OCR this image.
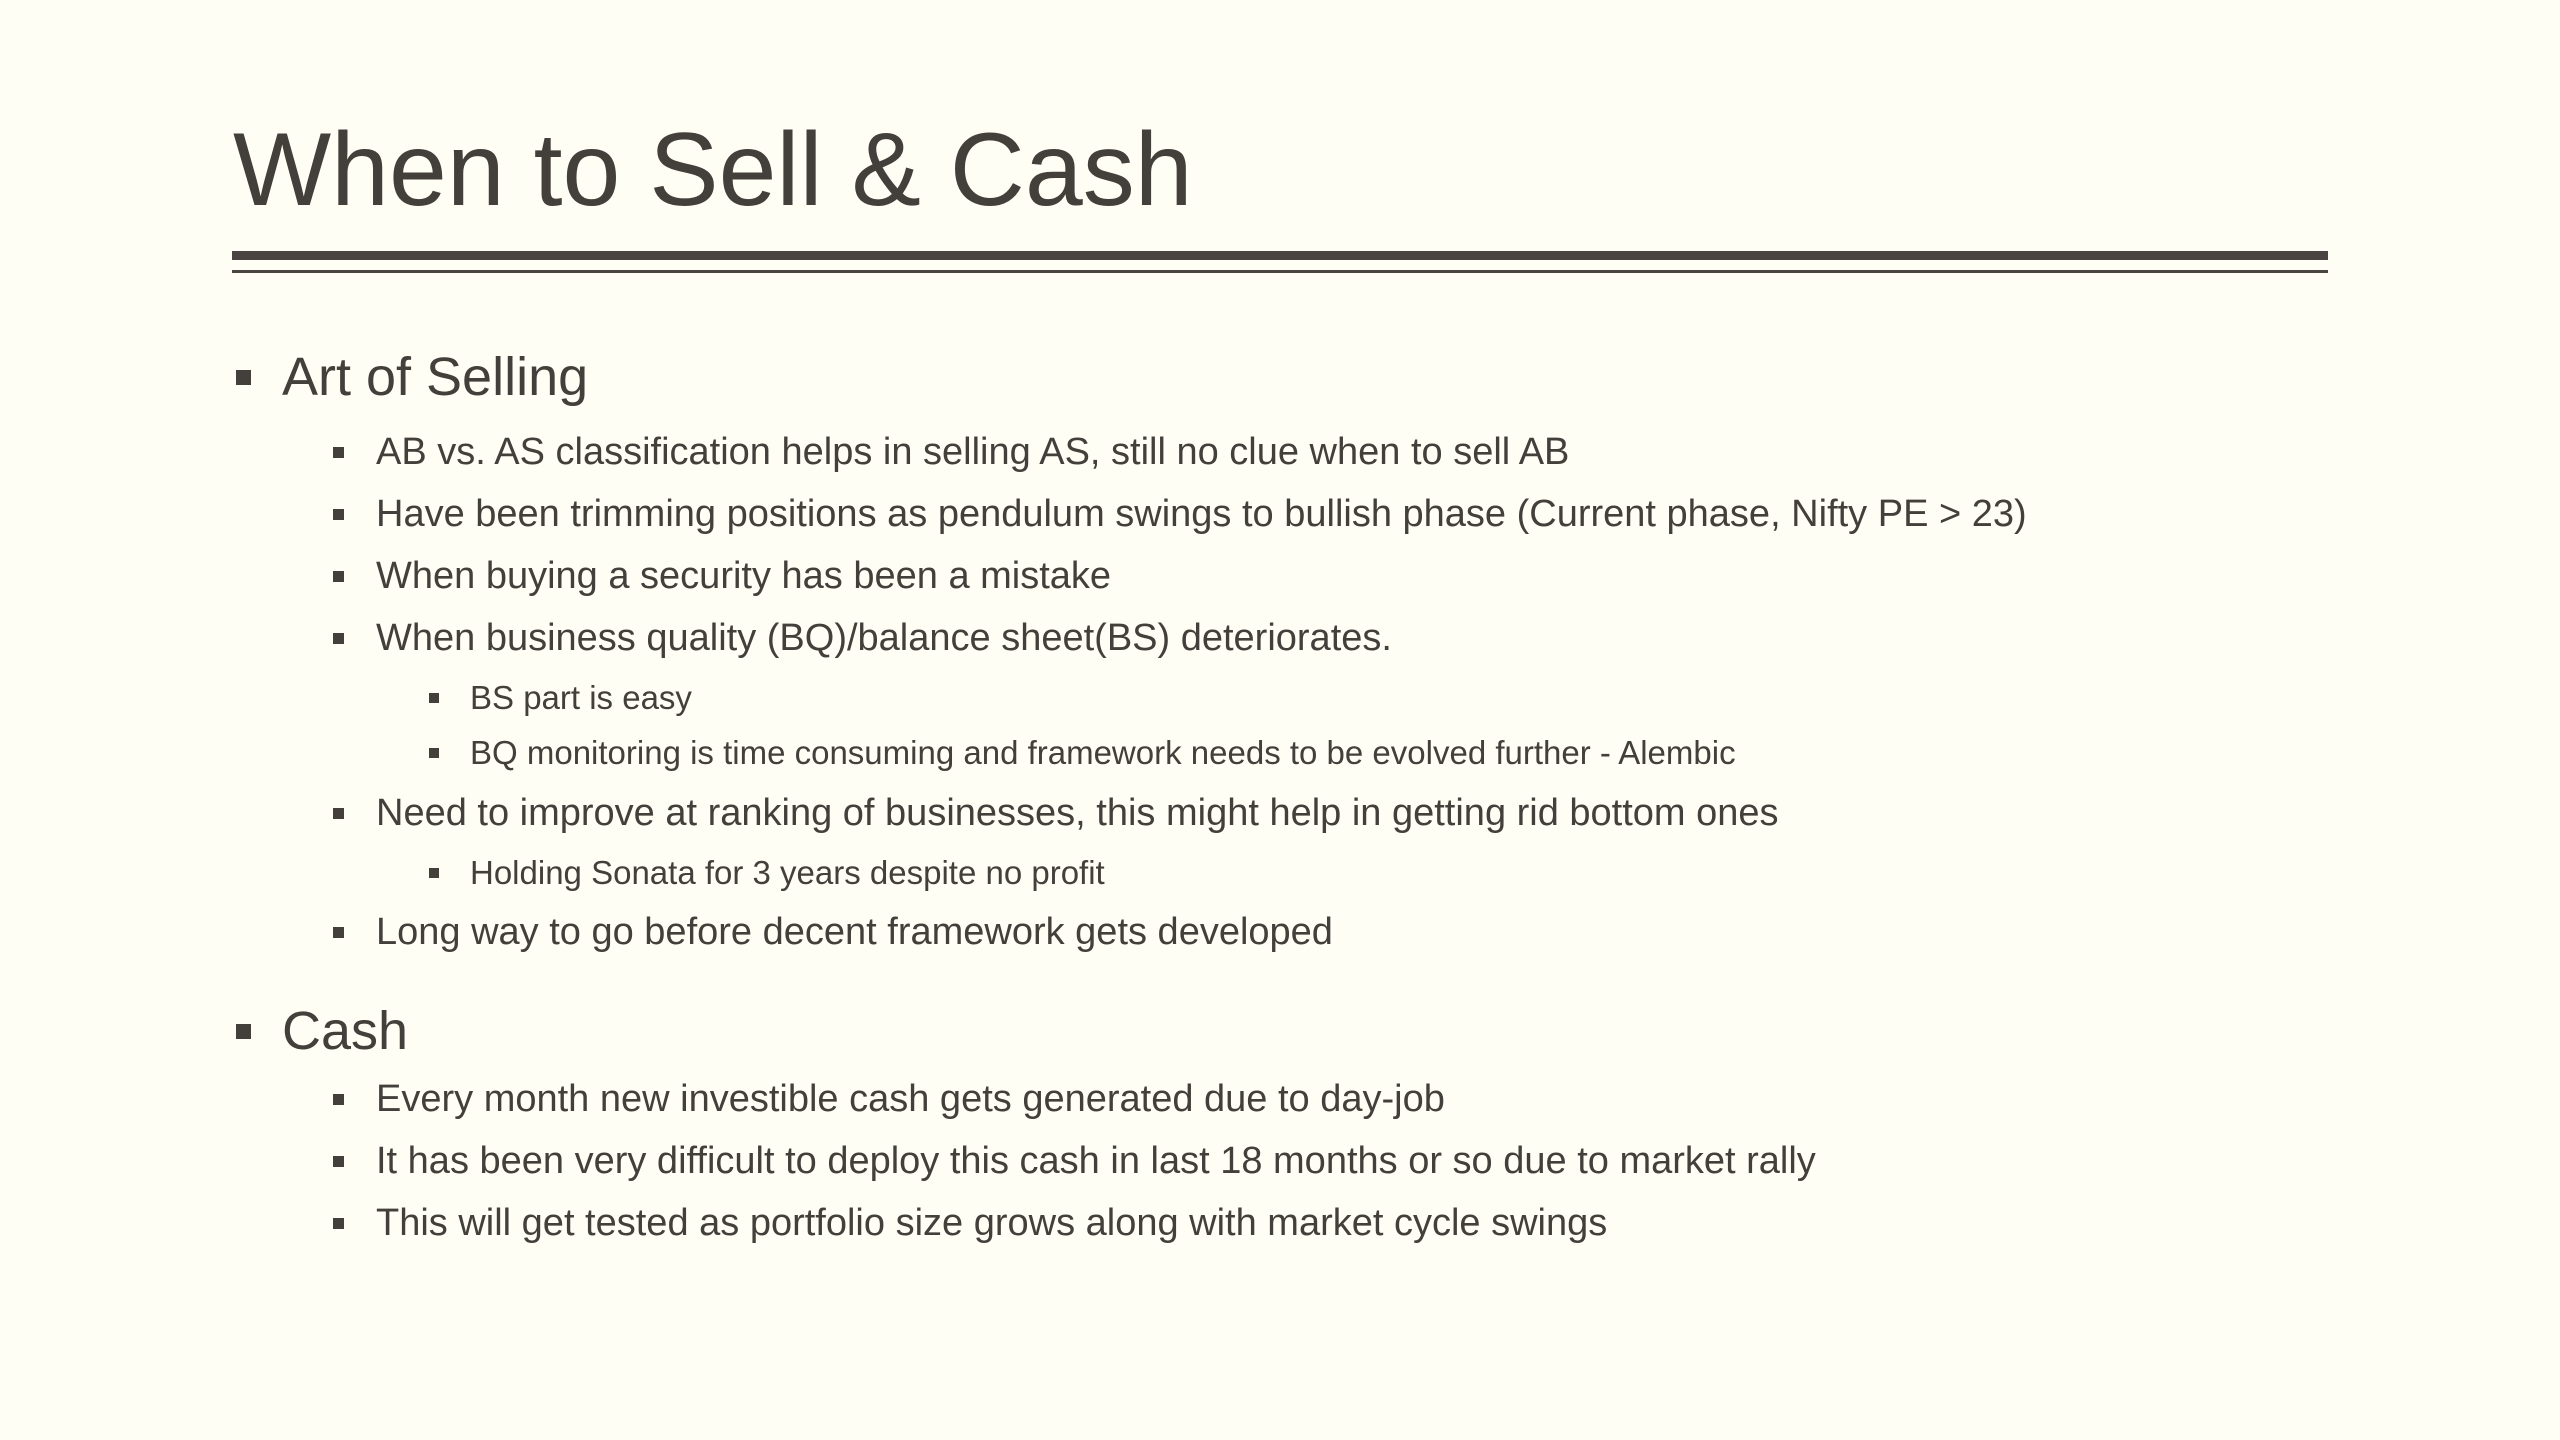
When to Sell & Cash
Art of Selling
AB vs. AS classification helps in selling AS, still no clue when to sell AB
Have been trimming positions as pendulum swings to bullish phase (Current phase, Nifty PE > 23)
When buying a security has been a mistake
When business quality (BQ)/balance sheet(BS) deteriorates.
BS part is easy
BQ monitoring is time consuming and framework needs to be evolved further - Alembic
Need to improve at ranking of businesses, this might help in getting rid bottom ones
Holding Sonata for 3 years despite no profit
Long way to go before decent framework gets developed
Cash
Every month new investible cash gets generated due to day-job
It has been very difficult to deploy this cash in last 18 months or so due to market rally
This will get tested as portfolio size grows along with market cycle swings
